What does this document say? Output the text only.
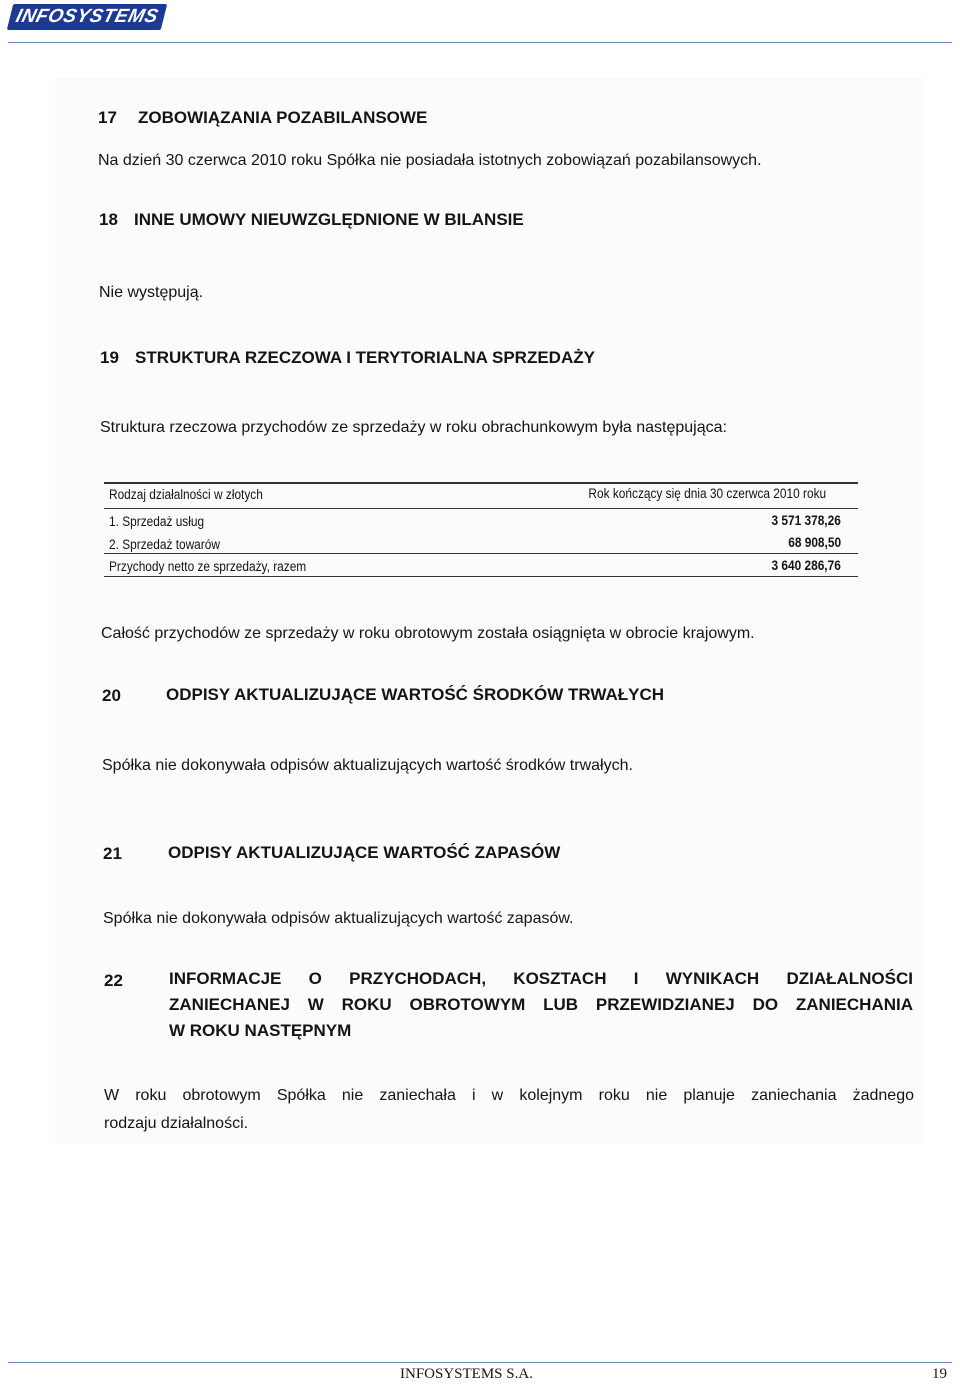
INFOSYSTEMS
17 ZOBOWIĄZANIA POZABILANSOWE
Na dzień 30 czerwca 2010 roku Spółka nie posiadała istotnych zobowiązań pozabilansowych.
18 INNE UMOWY NIEUWZGLĘDNIONE W BILANSIE
Nie występują.
19 STRUKTURA RZECZOWA I TERYTORIALNA SPRZEDAŻY
Struktura rzeczowa przychodów ze sprzedaży w roku obrachunkowym była następująca:
Rodzaj działalności w złotych	Rok kończący się dnia 30 czerwca 2010 roku
1. Sprzedaż usług	3 571 378,26
2. Sprzedaż towarów	68 908,50
Przychody netto ze sprzedaży, razem	3 640 286,76
Całość przychodów ze sprzedaży w roku obrotowym została osiągnięta w obrocie krajowym.
20	ODPISY AKTUALIZUJĄCE WARTOŚĆ ŚRODKÓW TRWAŁYCH
Spółka nie dokonywała odpisów aktualizujących wartość środków trwałych.
21	ODPISY AKTUALIZUJĄCE WARTOŚĆ ZAPASÓW
Spółka nie dokonywała odpisów aktualizujących wartość zapasów.
22	INFORMACJE O PRZYCHODACH, KOSZTACH I WYNIKACH DZIAŁALNOŚCI
ZANIECHANEJ W ROKU OBROTOWYM LUB PRZEWIDZIANEJ DO ZANIECHANIA
W ROKU NASTĘPNYM
W roku obrotowym Spółka nie zaniechała i w kolejnym roku nie planuje zaniechania żadnego
rodzaju działalności.
INFOSYSTEMS S.A.	19
